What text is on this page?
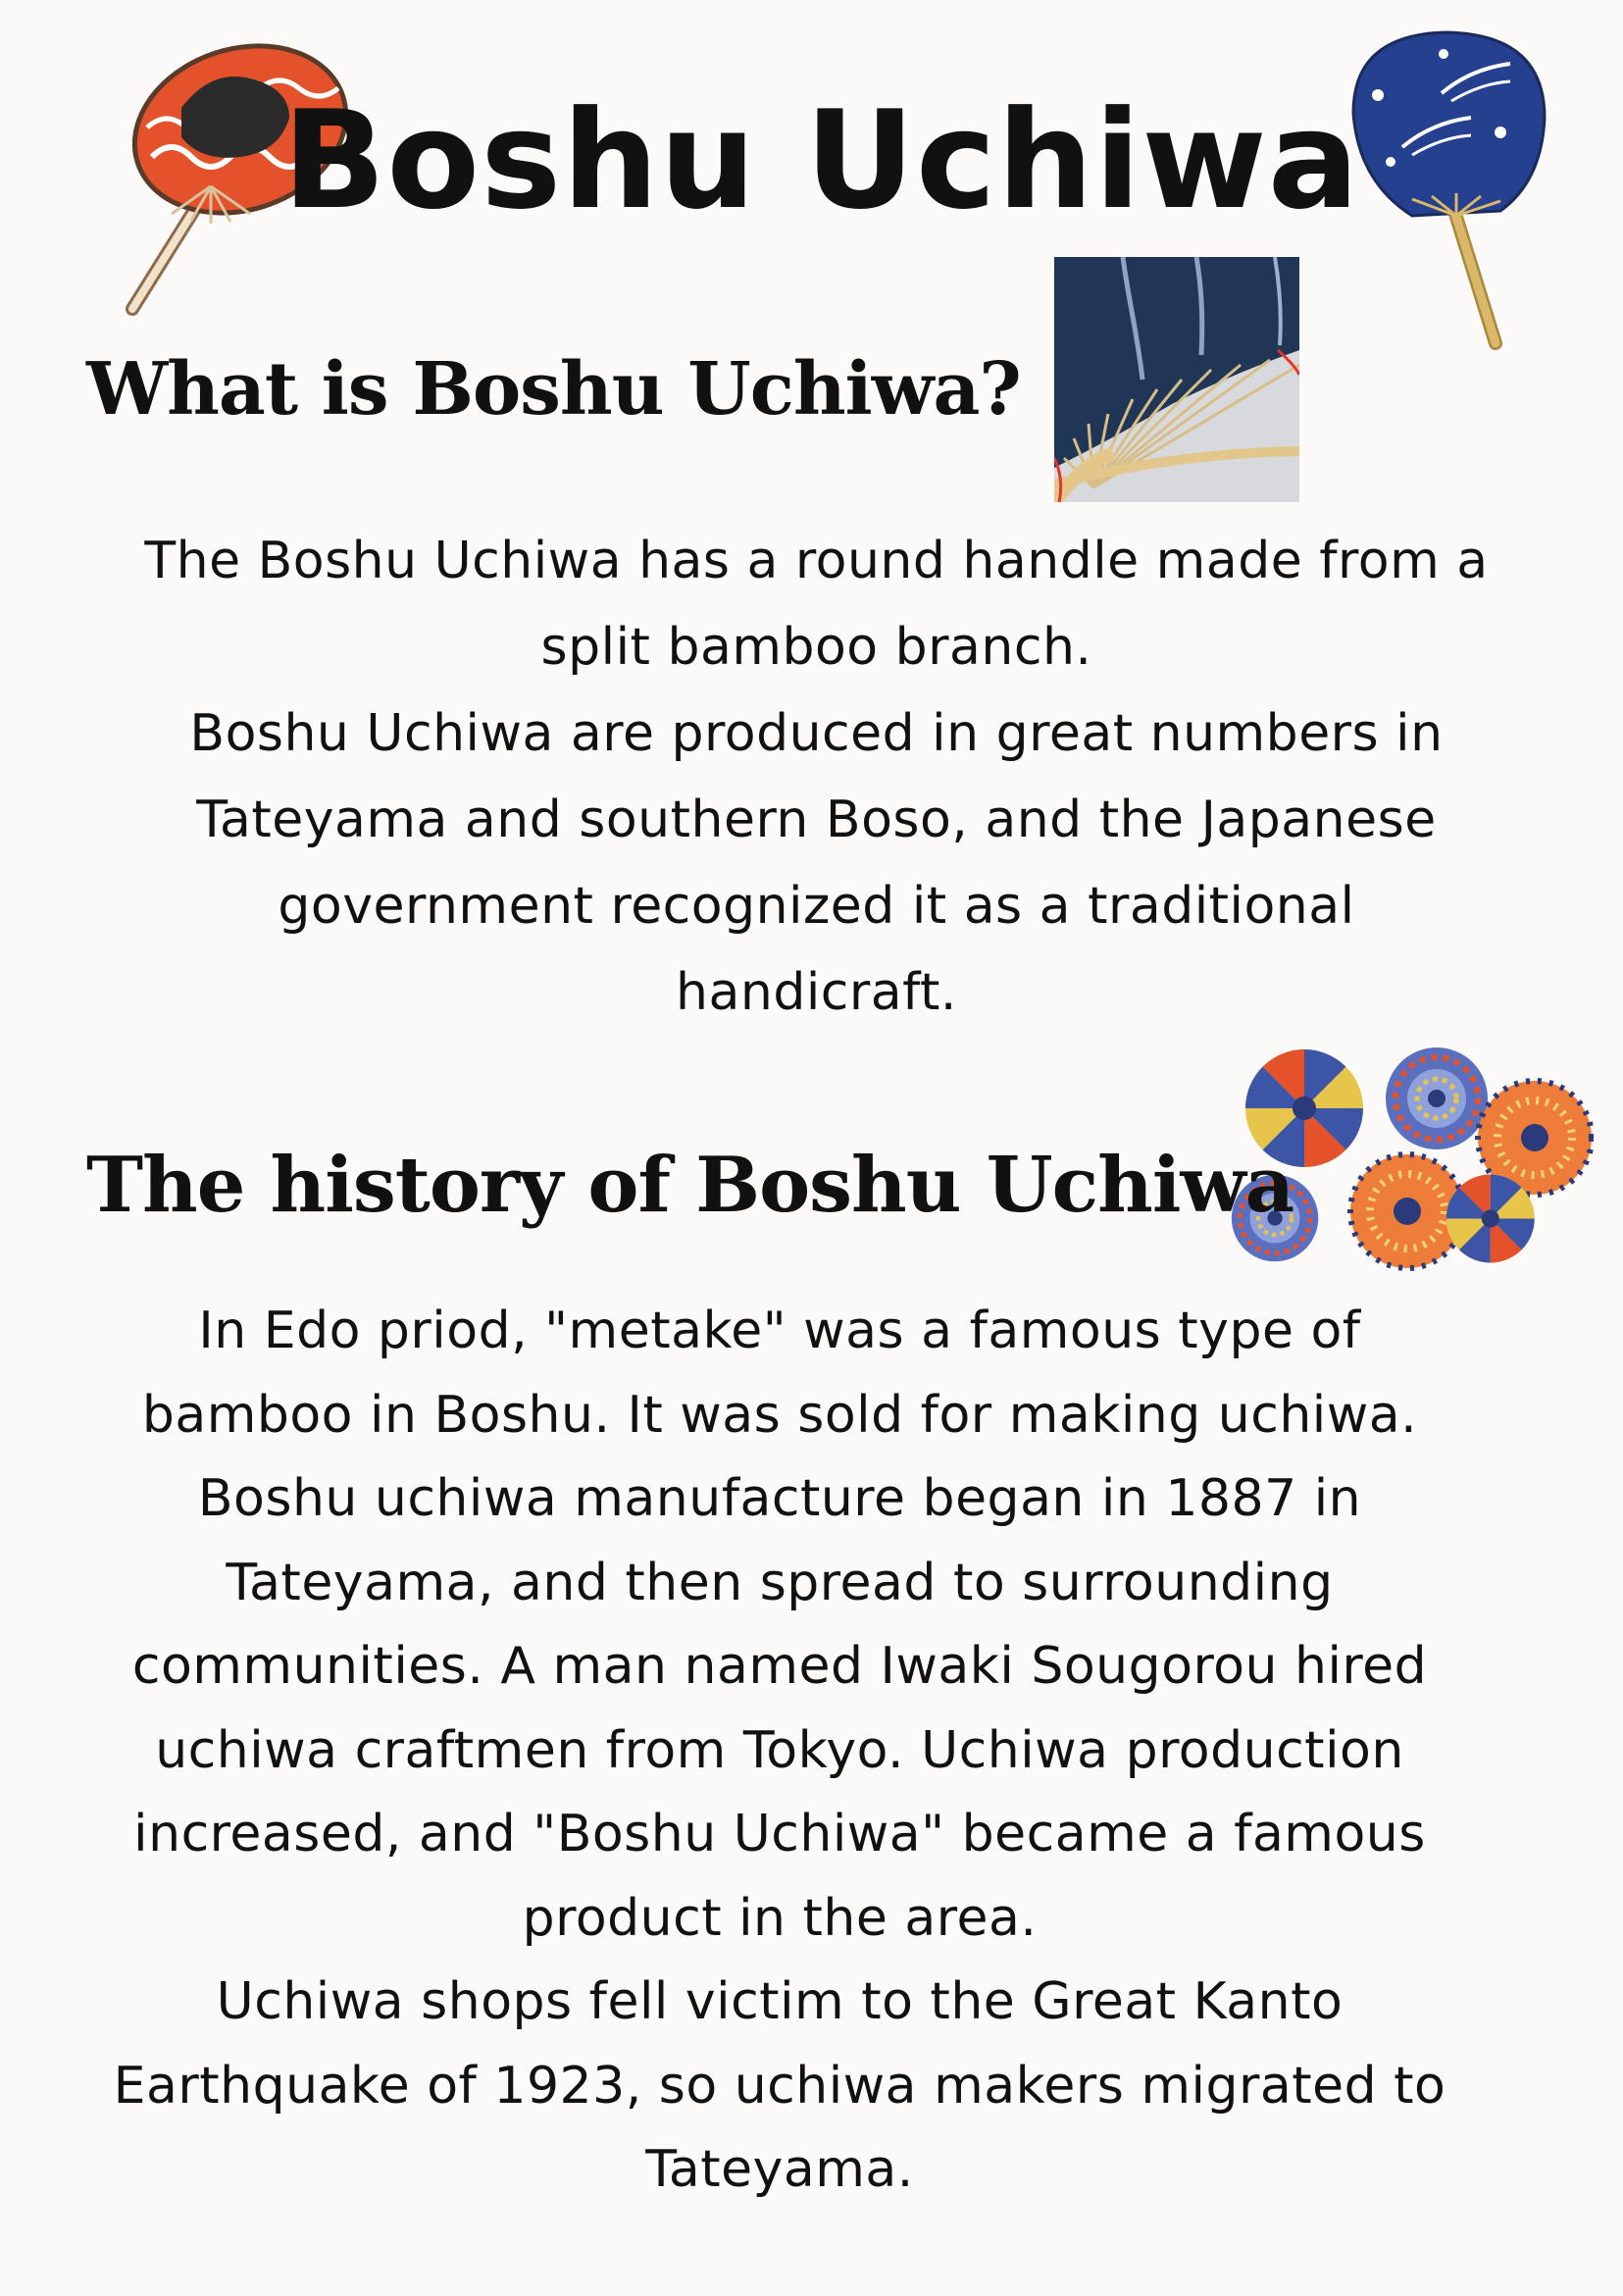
Boshu Uchiwa
What is Boshu Uchiwa?

The Boshu Uchiwa has a round handle made from a
split bamboo branch.
Boshu Uchiwa are produced in great numbers in
Tateyama and southern Boso, and the Japanese
government recognized it as a traditional
handicraft.

The history of Boshu Uchiwa

In Edo priod, "metake" was a famous type of
bamboo in Boshu. It was sold for making uchiwa.
Boshu uchiwa manufacture began in 1887 in
Tateyama, and then spread to surrounding
communities. A man named Iwaki Sougorou hired
uchiwa craftmen from Tokyo. Uchiwa production
increased, and "Boshu Uchiwa" became a famous
product in the area.
Uchiwa shops fell victim to the Great Kanto
Earthquake of 1923, so uchiwa makers migrated to
Tateyama.
